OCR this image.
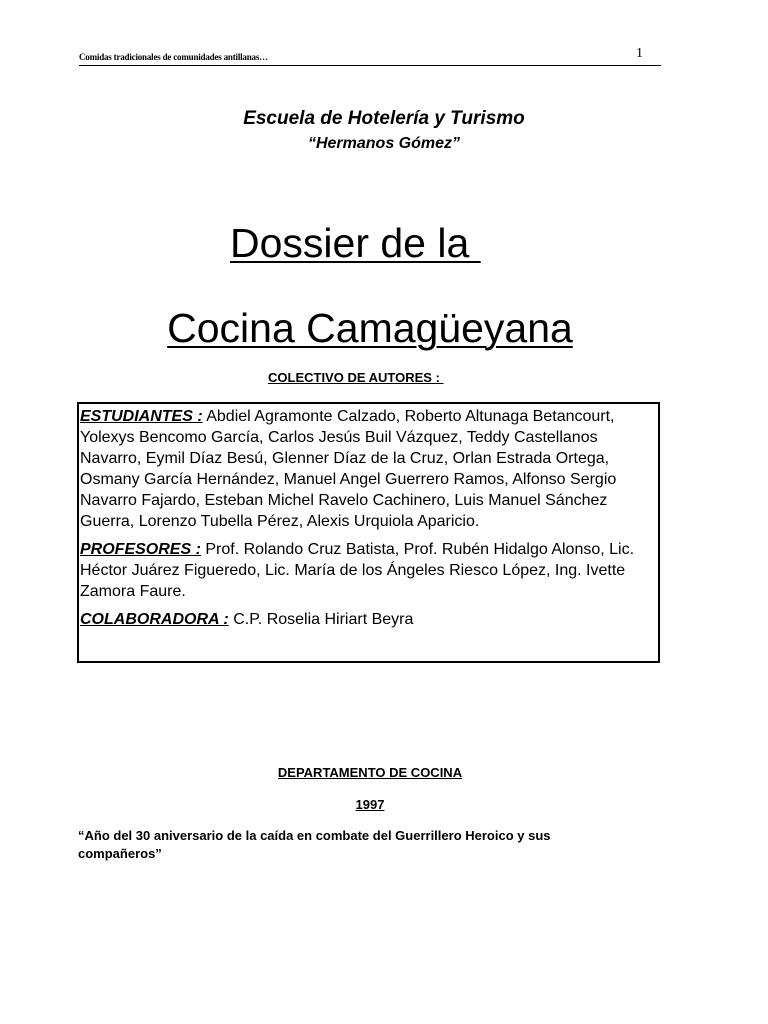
Comidas tradicionales de comunidades antillanas…	1
Escuela de Hotelería y Turismo
“Hermanos Gómez”
Dossier de la
Cocina Camagüeyana
COLECTIVO DE AUTORES :

ESTUDIANTES : Abdiel Agramonte Calzado, Roberto Altunaga Betancourt, Yolexys Bencomo García, Carlos Jesús Buil Vázquez, Teddy Castellanos Navarro, Eymil Díaz Besú, Glenner Díaz de la Cruz, Orlan Estrada Ortega, Osmany García Hernández, Manuel Angel Guerrero Ramos, Alfonso Sergio Navarro Fajardo, Esteban Michel Ravelo Cachinero, Luis Manuel Sánchez Guerra, Lorenzo Tubella Pérez, Alexis Urquiola Aparicio.

PROFESORES : Prof. Rolando Cruz Batista, Prof. Rubén Hidalgo Alonso, Lic. Héctor Juárez Figueredo, Lic. María de los Ángeles Riesco López, Ing. Ivette Zamora Faure.

COLABORADORA : C.P. Roselia Hiriart Beyra

DEPARTAMENTO DE COCINA
1997
“Año del 30 aniversario de la caída en combate del Guerrillero Heroico y sus compañeros”
